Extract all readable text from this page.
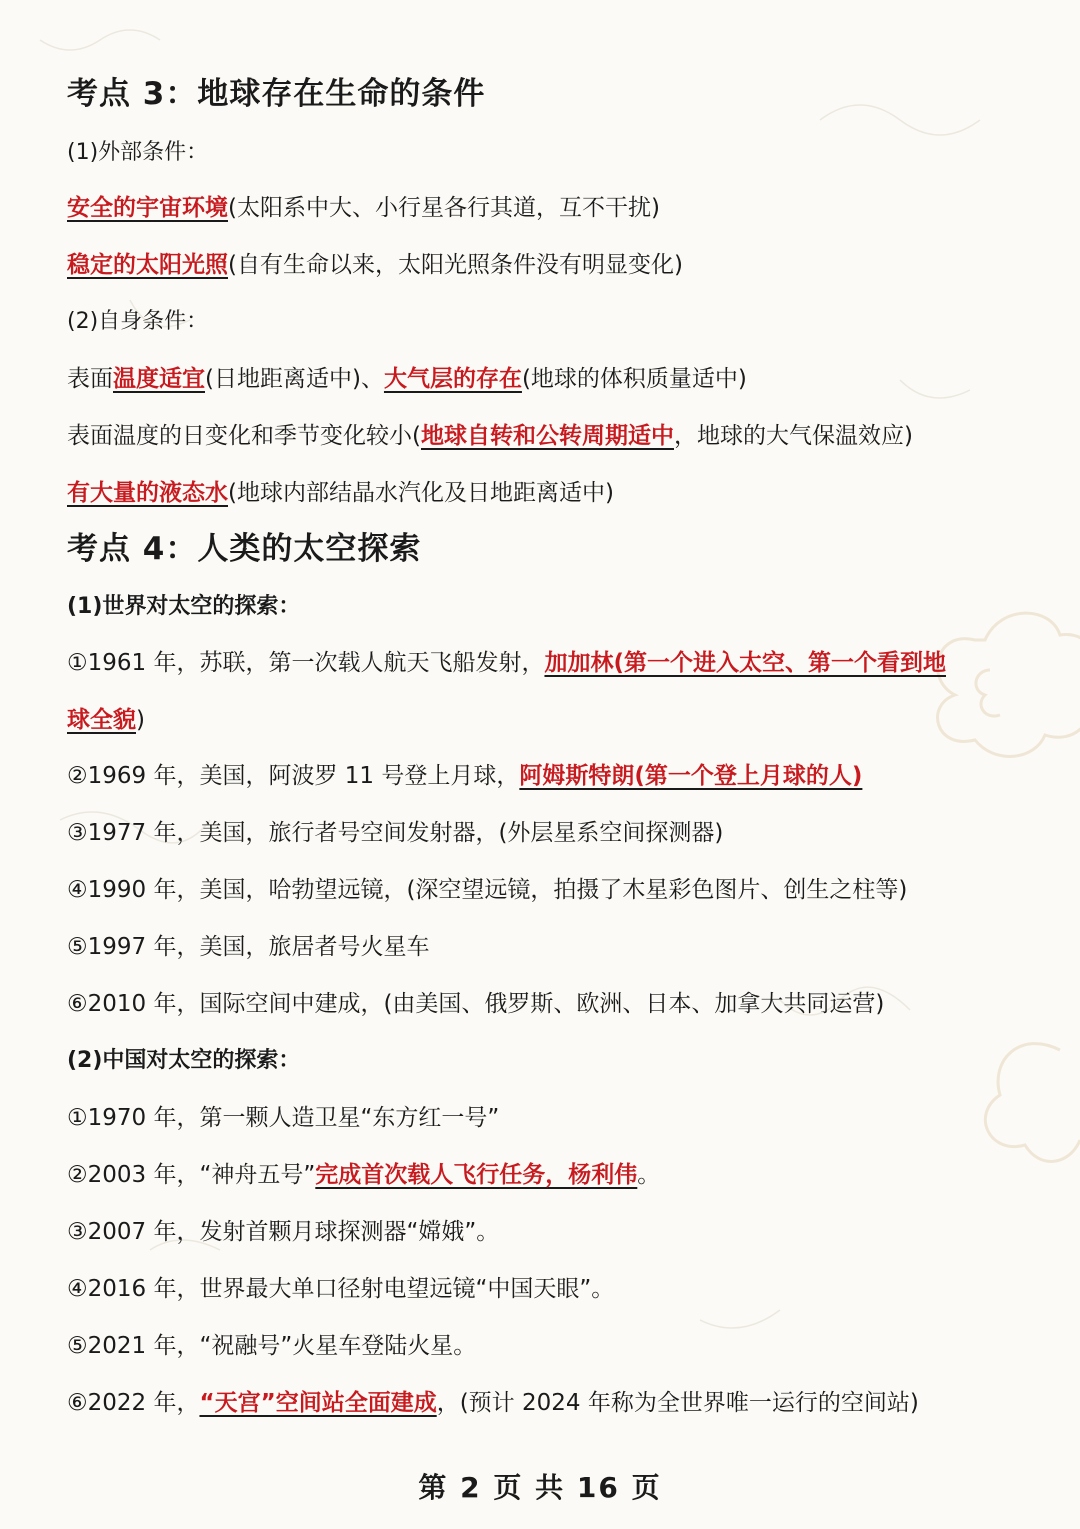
考点 3：地球存在生命的条件
(1)外部条件：
安全的宇宙环境(太阳系中大、小行星各行其道，互不干扰)
稳定的太阳光照(自有生命以来，太阳光照条件没有明显变化)
(2)自身条件：
表面温度适宜(日地距离适中)、大气层的存在(地球的体积质量适中)
表面温度的日变化和季节变化较小(地球自转和公转周期适中，地球的大气保温效应)
有大量的液态水(地球内部结晶水汽化及日地距离适中)
考点 4：人类的太空探索
(1)世界对太空的探索：
①1961 年，苏联，第一次载人航天飞船发射，加加林(第一个进入太空、第一个看到地
球全貌)
②1969 年，美国，阿波罗 11 号登上月球，阿姆斯特朗(第一个登上月球的人)
③1977 年，美国，旅行者号空间发射器，(外层星系空间探测器)
④1990 年，美国，哈勃望远镜，(深空望远镜，拍摄了木星彩色图片、创生之柱等)
⑤1997 年，美国，旅居者号火星车
⑥2010 年，国际空间中建成，(由美国、俄罗斯、欧洲、日本、加拿大共同运营)
(2)中国对太空的探索：
①1970 年，第一颗人造卫星“东方红一号”
②2003 年，“神舟五号”完成首次载人飞行任务，杨利伟。
③2007 年，发射首颗月球探测器“嫦娥”。
④2016 年，世界最大单口径射电望远镜“中国天眼”。
⑤2021 年，“祝融号”火星车登陆火星。
⑥2022 年，“天宫”空间站全面建成，(预计 2024 年称为全世界唯一运行的空间站)
第 2 页 共 16 页
